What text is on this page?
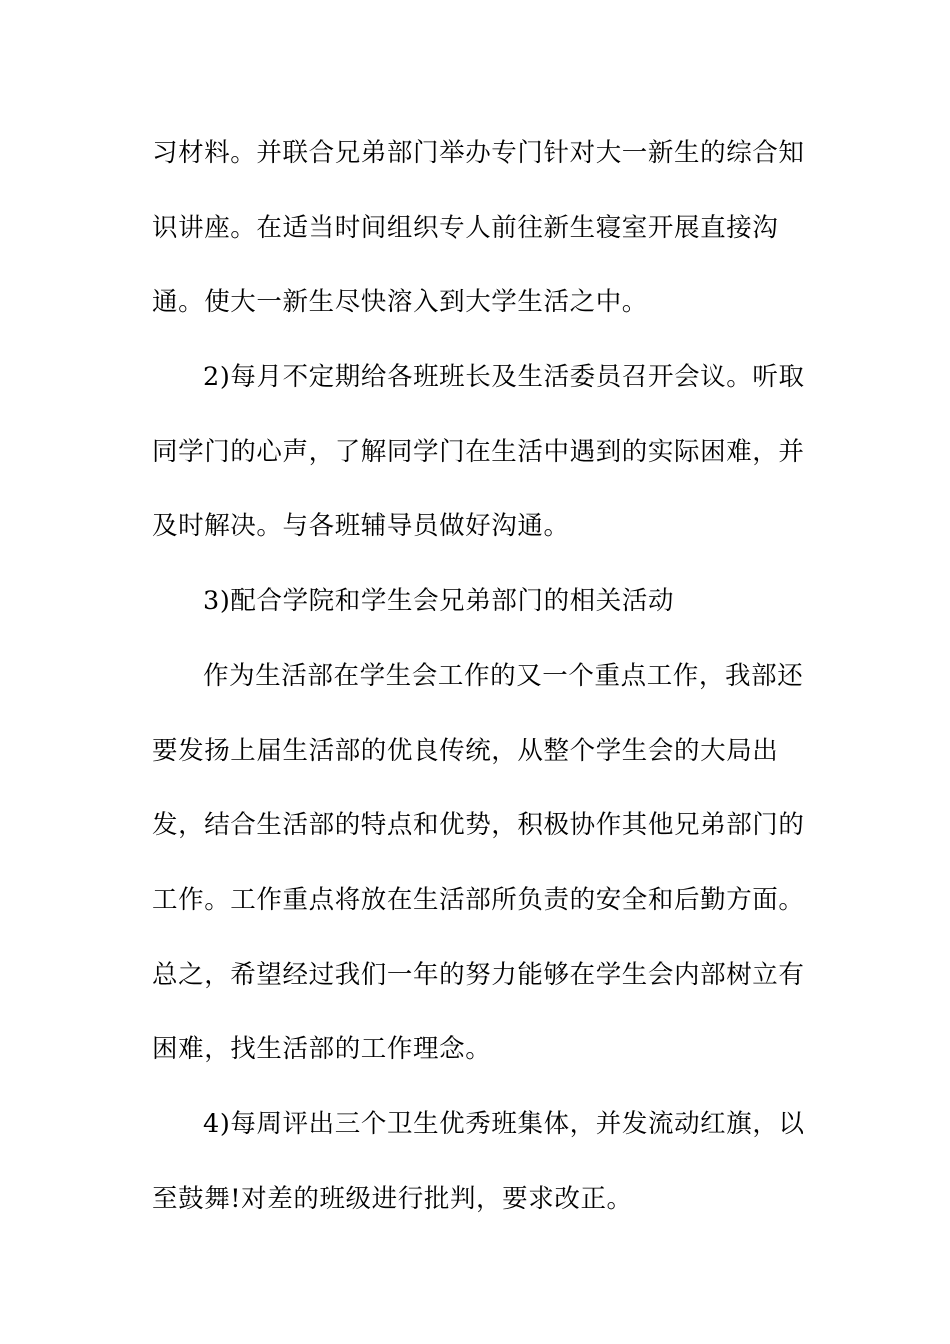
习材料。并联合兄弟部门举办专门针对大一新生的综合知
识讲座。在适当时间组织专人前往新生寝室开展直接沟
通。使大一新生尽快溶入到大学生活之中。
2)每月不定期给各班班长及生活委员召开会议。听取
同学门的心声，了解同学门在生活中遇到的实际困难，并
及时解决。与各班辅导员做好沟通。
3)配合学院和学生会兄弟部门的相关活动
作为生活部在学生会工作的又一个重点工作，我部还
要发扬上届生活部的优良传统，从整个学生会的大局出
发，结合生活部的特点和优势，积极协作其他兄弟部门的
工作。工作重点将放在生活部所负责的安全和后勤方面。
总之，希望经过我们一年的努力能够在学生会内部树立有
困难，找生活部的工作理念。
4)每周评出三个卫生优秀班集体，并发流动红旗，以
至鼓舞!对差的班级进行批判，要求改正。
